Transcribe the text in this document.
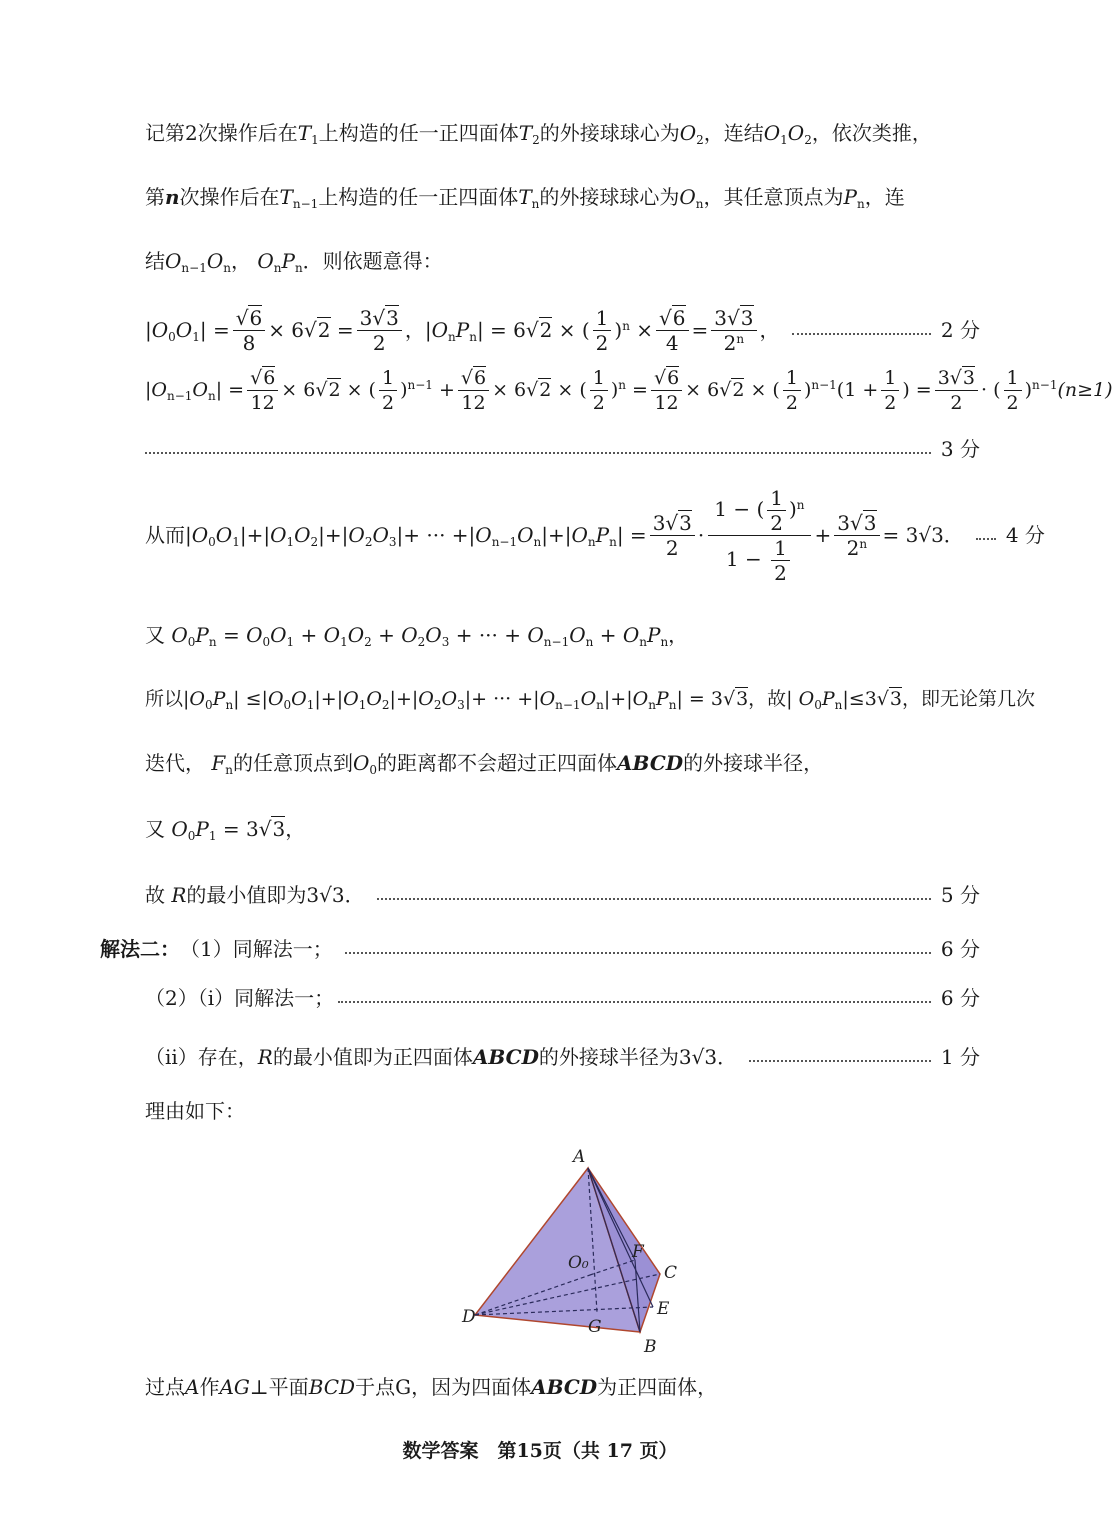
记第2次操作后在$T_1$上构造的任一正四面体$T_2$的外接球球心为$O_2$，连结$O_1O_2$，依次类推，
第n次操作后在$T_{n-1}$上构造的任一正四面体$T_n$的外接球球心为$O_n$，其任意顶点为$P_n$，连
结$O_{n-1}O_n$， $O_nP_n$．则依题意得：
$|O_0O_1| = \frac{√6}{8} \times 6√2 = \frac{3√3}{2}$ ，$|O_nP_n| = 6√2$ × ( $\frac{1}{2} )^n \times \frac{√6}{4} = \frac{3√3}{2^n}$ ，	2 分
$|O_{n-1}O_n| = \frac{√6}{12} \times 6√2$ × ( $\frac{1}{2} )^{n-1} + \frac{√6}{12} \times 6√2$ × ( $\frac{1}{2} )^n = \frac{√6}{12} \times 6√2$ × ( $\frac{1}{2} )^{n-1}(1 + \frac{1}{2}$ ) = $\frac{3√3}{2}$ · ( $\frac{1}{2} )^{n-1}(n\ge 1)$
3 分
从而 $|O_0O_1|+|O_1O_2|+|O_2O_3|+$ ··· $+|O_{n-1}O_n|+|O_nP_n| = \frac{3√3}{2}$ ·
1 − ( $\frac{1}{2} )^n$
$1 - \frac{1}{2}$
+ $\frac{3√3}{2^n} = 3√3$． 4 分
又 $O_0P_n = O_0O_1 + O_1O_2 + O_2O_3$ + ··· + $O_{n-1}O_n + O_nP_n$，
所以$|O_0P_n| \le|O_0O_1|+|O_1O_2|+|O_2O_3|+$ ··· $+|O_{n-1}O_n|+|O_nP_n| = 3√3$，故| $O_0P_n|\le 3√3$，即无论第几次
迭代， $F_n$的任意顶点到$O_0$的距离都不会超过正四面体ABCD的外接球半径，
又 $O_0P_1 = 3√3$，
故
R 的最小值即为3√3．	5 分
解法二： （1）同解法一；	6 分
（2）（i）同解法一；	6 分
（ii）存在， R 的最小值即为正四面体 ABCD 的外接球半径为3√3．	1 分
理由如下：
A
O₀
F
C
D	E
G
B
过点A作AG⊥平面BCD于点G，因为四面体ABCD为正四面体，
数学答案　第15页（共 17 页）
